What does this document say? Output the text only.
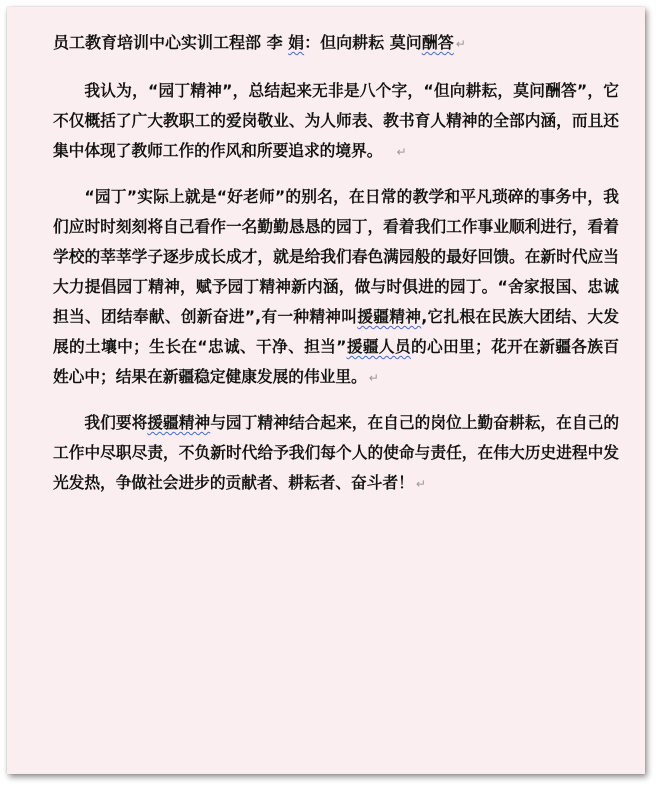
员工教育培训中心实训工程部 李 娟：但向耕耘 莫问酬答 ↵

我认为，“园丁精神”，总结起来无非是八个字，“但向耕耘，莫问酬答”，它不仅概括了广大教职工的爱岗敬业、为人师表、教书育人精神的全部内涵，而且还集中体现了教师工作的作风和所要追求的境界。 ↵

“园丁”实际上就是“好老师”的别名，在日常的教学和平凡琐碎的事务中，我们应时时刻刻将自己看作一名勤勤恳恳的园丁，看着我们工作事业顺利进行，看着学校的莘莘学子逐步成长成才，就是给我们春色满园般的最好回馈。在新时代应当大力提倡园丁精神，赋予园丁精神新内涵，做与时俱进的园丁。“舍家报国、忠诚担当、团结奉献、创新奋进”,有一种精神叫援疆精神,它扎根在民族大团结、大发展的土壤中；生长在“忠诚、干净、担当”援疆人员的心田里；花开在新疆各族百姓心中；结果在新疆稳定健康发展的伟业里。 ↵

我们要将援疆精神与园丁精神结合起来，在自己的岗位上勤奋耕耘，在自己的工作中尽职尽责，不负新时代给予我们每个人的使命与责任，在伟大历史进程中发光发热，争做社会进步的贡献者、耕耘者、奋斗者！ ↵
